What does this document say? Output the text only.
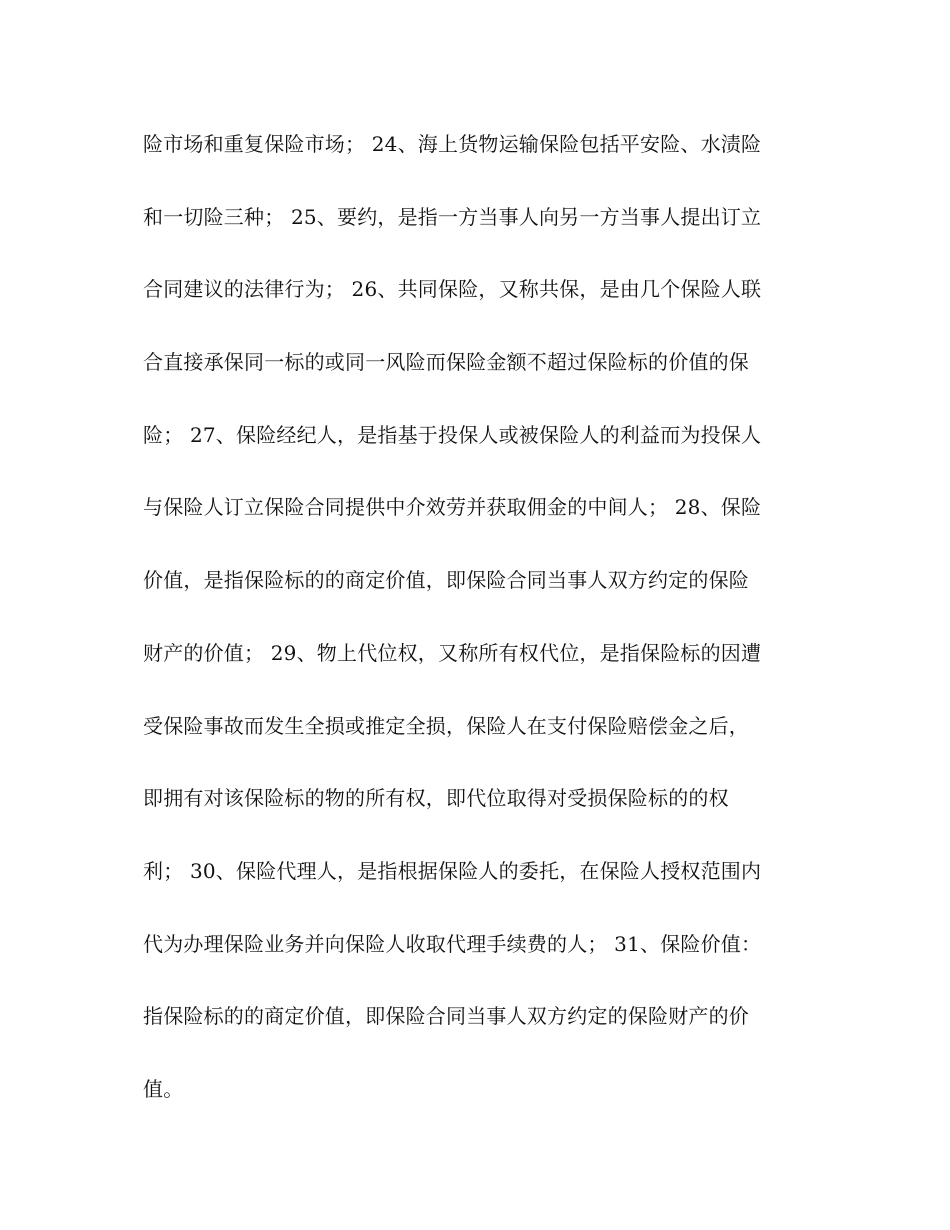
险市场和重复保险市场； 24、海上货物运输保险包括平安险、水渍险
和一切险三种； 25、要约，是指一方当事人向另一方当事人提出订立
合同建议的法律行为； 26、共同保险，又称共保，是由几个保险人联
合直接承保同一标的或同一风险而保险金额不超过保险标的价值的保
险； 27、保险经纪人，是指基于投保人或被保险人的利益而为投保人
与保险人订立保险合同提供中介效劳并获取佣金的中间人； 28、保险
价值，是指保险标的的商定价值，即保险合同当事人双方约定的保险
财产的价值； 29、物上代位权，又称所有权代位，是指保险标的因遭
受保险事故而发生全损或推定全损，保险人在支付保险赔偿金之后，
即拥有对该保险标的物的所有权，即代位取得对受损保险标的的权
利； 30、保险代理人，是指根据保险人的委托，在保险人授权范围内
代为办理保险业务并向保险人收取代理手续费的人； 31、保险价值：
指保险标的的商定价值，即保险合同当事人双方约定的保险财产的价
值。
